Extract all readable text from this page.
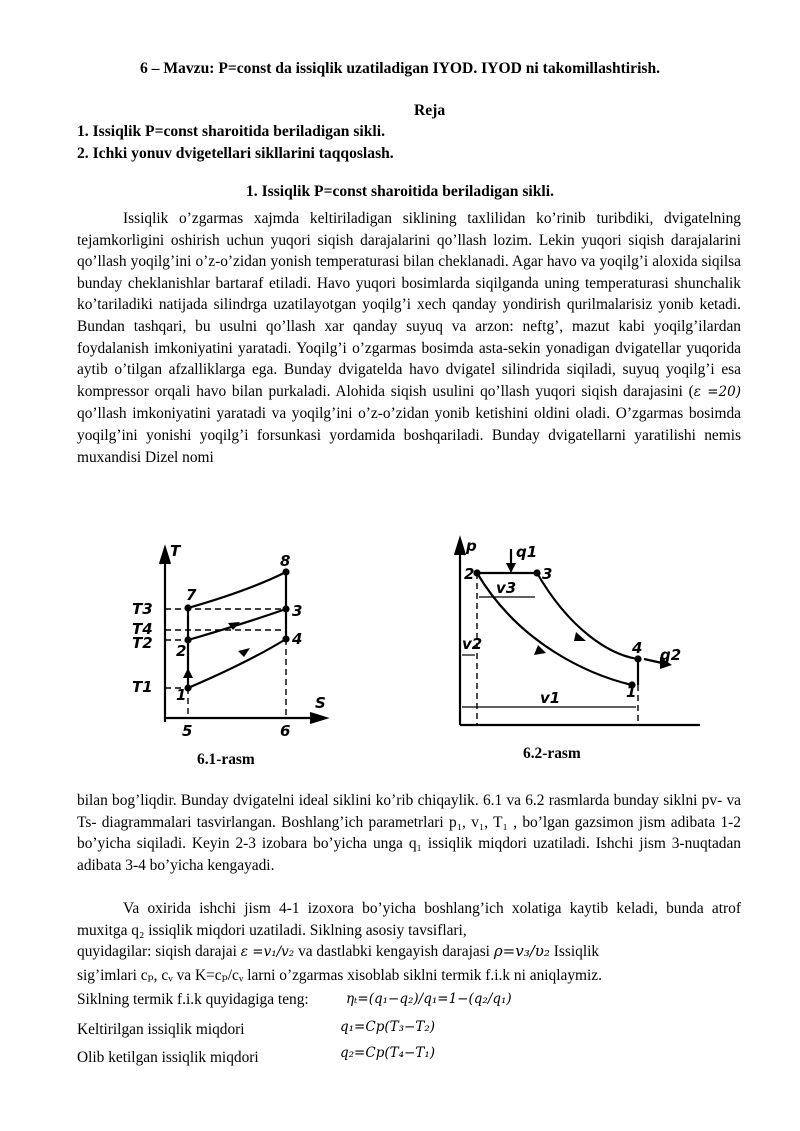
6 – Mavzu: P=const da issiqlik uzatiladigan IYOD. IYOD ni takomillashtirish.
Reja
1. Issiqlik P=const sharoitida beriladigan sikli.
2. Ichki yonuv dvigetellari sikllarini taqqoslash.
1. Issiqlik P=const sharoitida beriladigan sikli.
Issiqlik o’zgarmas xajmda keltiriladigan siklining taxlilidan ko’rinib turibdiki, dvigatelning tejamkorligini oshirish uchun yuqori siqish darajalarini qo’llash lozim. Lekin yuqori siqish darajalarini qo’llash yoqilg’ini o’z-o’zidan yonish temperaturasi bilan cheklanadi. Agar havo va yoqilg’i aloxida siqilsa bunday cheklanishlar bartaraf etiladi. Havo yuqori bosimlarda siqilganda uning temperaturasi shunchalik ko’tariladiki natijada silindrga uzatilayotgan yoqilg’i xech qanday yondirish qurilmalarisiz yonib ketadi. Bundan tashqari, bu usulni qo’llash xar qanday suyuq va arzon: neftg’, mazut kabi yoqilg’ilardan foydalanish imkoniyatini yaratadi. Yoqilg’i o’zgarmas bosimda asta-sekin yonadigan dvigatellar yuqorida aytib o’tilgan afzalliklarga ega. Bunday dvigatelda havo dvigatel silindrida siqiladi, suyuq yoqilg’i esa kompressor orqali havo bilan purkaladi. Alohida siqish usulini qo’llash yuqori siqish darajasini (ε =20) qo’llash imkoniyatini yaratadi va yoqilg’ini o’z-o’zidan yonib ketishini oldini oladi. O’zgarmas bosimda yoqilg’ini yonishi yoqilg’i forsunkasi yordamida boshqariladi. Bunday dvigatellarni yaratilishi nemis muxandisi Dizel nomi
T
S
T3
T4
T2
T1
5	6
1
2
3
4
7
8
6.1-rasm
p	q1
q2
v3
v2
v1	1
2	3
4
6.2-rasm
bilan bog’liqdir. Bunday dvigatelni ideal siklini ko’rib chiqaylik. 6.1 va 6.2 rasmlarda bunday siklni pv- va Ts- diagrammalari tasvirlangan. Boshlang’ich parametrlari p₁, v₁, T₁ , bo’lgan gazsimon jism adibata 1-2 bo’yicha siqiladi. Keyin 2-3 izobara bo’yicha unga q₁ issiqlik miqdori uzatiladi. Ishchi jism 3-nuqtadan adibata 3-4 bo’yicha kengayadi.
Va oxirida ishchi jism 4-1 izoxora bo’yicha boshlang’ich xolatiga kaytib keladi, bunda atrof muxitga q₂ issiqlik miqdori uzatiladi. Siklning asosiy tavsiflari,
quyidagilar: siqish darajai ε =v₁/v₂ va dastlabki kengayish darajasi ρ=v₃/υ₂ Issiqlik
sig’imlari cₚ, cᵥ va K=cₚ/cᵥ larni o’zgarmas xisoblab siklni termik f.i.k ni aniqlaymiz.
Siklning termik f.i.k quyidagiga teng:	ηₜ=(q₁−q₂)/q₁=1−(q₂/q₁)
Keltirilgan issiqlik miqdori	q₁=Cp(T₃−T₂)
Olib ketilgan issiqlik miqdori	q₂=Cp(T₄−T₁)
